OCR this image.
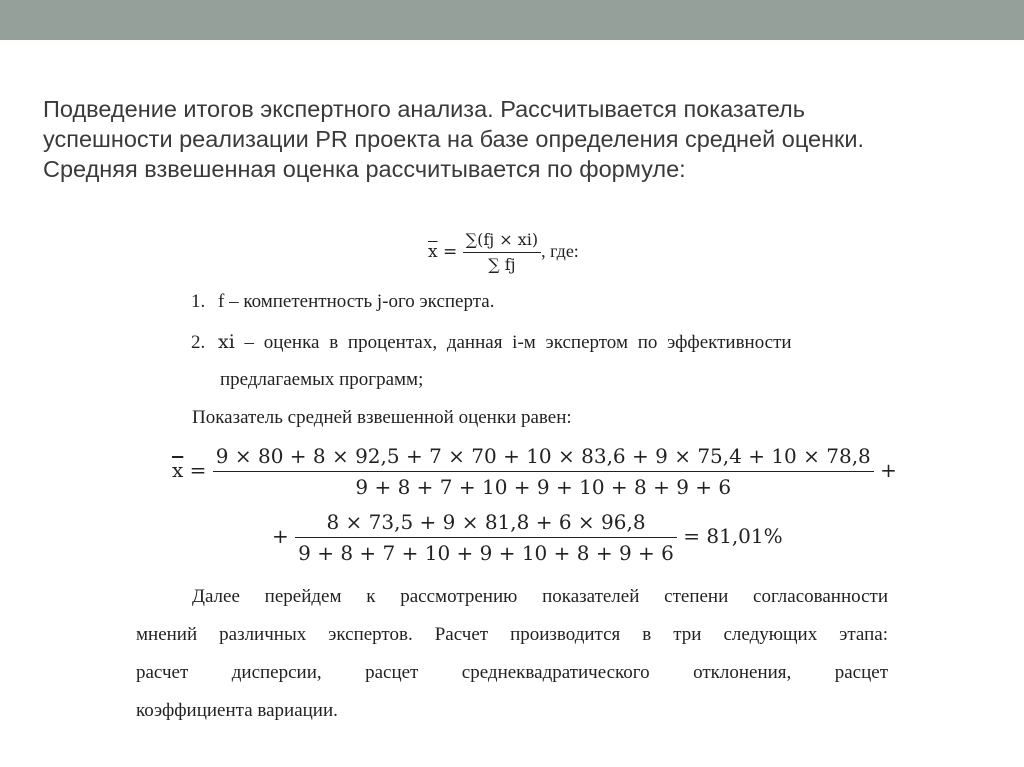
Подведение итогов экспертного анализа. Рассчитывается показатель
успешности реализации PR проекта на базе определения средней оценки.
Средняя взвешенная оценка рассчитывается по формуле:
$\overline{x} = \frac{\sum(fj \times xi)}{\sum fj}$ , где:
1. f – компетентность j-ого эксперта.
2. xi – оценка в процентах, данная i-м экспертом по эффективности
предлагаемых программ;
Показатель средней взвешенной оценки равен:
$\overline{x}$ =
9 × 80 + 8 × 92,5 + 7 × 70 + 10 × 83,6 + 9 × 75,4 + 10 × 78,8
9 + 8 + 7 + 10 + 9 + 10 + 8 + 9 + 6
+
+ $\frac{8 \times 73,5 + 9 \times 81,8 + 6 \times 96,8}{9 + 8 + 7 + 10 + 9 + 10 + 8 + 9 + 6} = 81,01\%$
Далее перейдем к рассмотрению показателей степени согласованности
мнений различных экспертов. Расчет производится в три следующих этапа:
расчет дисперсии, расцет среднеквадратического отклонения, расцет
коэффициента вариации.
